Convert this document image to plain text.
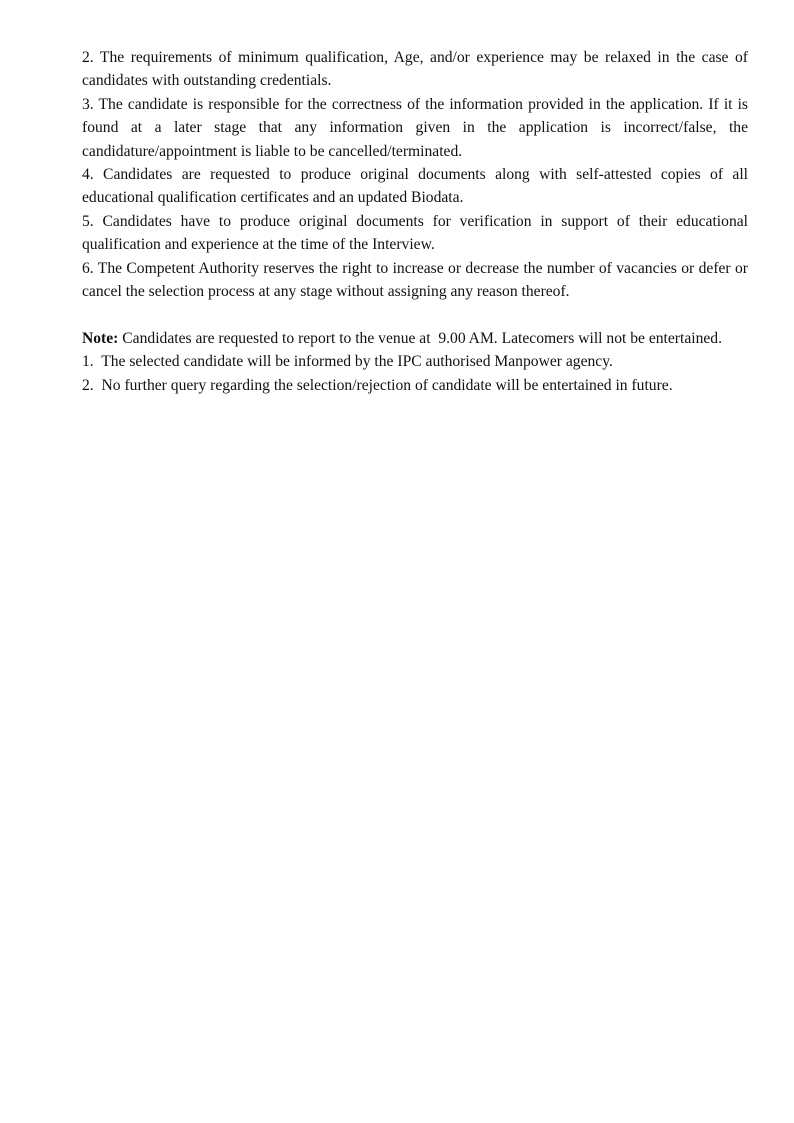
2. The requirements of minimum qualification, Age, and/or experience may be relaxed in the case of candidates with outstanding credentials.

3. The candidate is responsible for the correctness of the information provided in the application. If it is found at a later stage that any information given in the application is incorrect/false, the candidature/appointment is liable to be cancelled/terminated.

4. Candidates are requested to produce original documents along with self-attested copies of all educational qualification certificates and an updated Biodata.

5. Candidates have to produce original documents for verification in support of their educational qualification and experience at the time of the Interview.

6. The Competent Authority reserves the right to increase or decrease the number of vacancies or defer or cancel the selection process at any stage without assigning any reason thereof.

Note: Candidates are requested to report to the venue at  9.00 AM. Latecomers will not be entertained.

1.  The selected candidate will be informed by the IPC authorised Manpower agency.

2.  No further query regarding the selection/rejection of candidate will be entertained in future.
